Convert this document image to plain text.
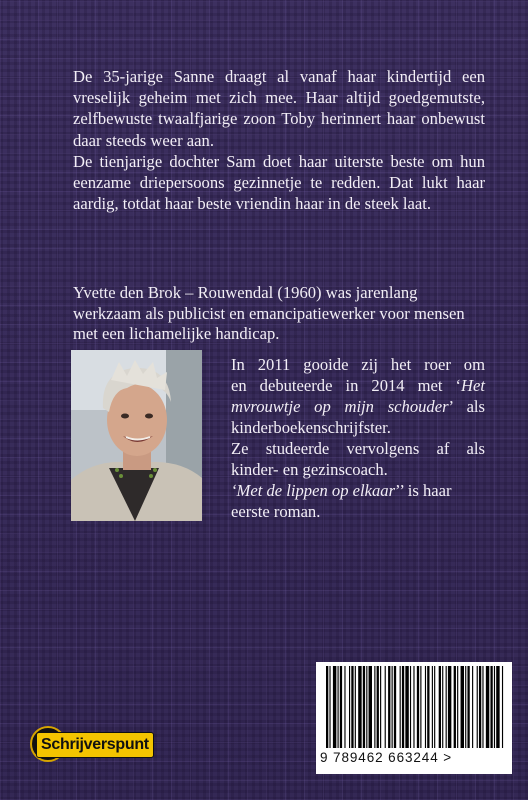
De 35-jarige Sanne draagt al vanaf haar kindertijd een vreselijk geheim met zich mee. Haar altijd goedgemutste, zelfbewuste twaalfjarige zoon Toby herinnert haar onbewust daar steeds weer aan.

De tienjarige dochter Sam doet haar uiterste beste om hun eenzame driepersoons gezinnetje te redden. Dat lukt haar aardig, totdat haar beste vriendin haar in de steek laat.

Yvette den Brok – Rouwendal (1960) was jarenlang werkzaam als publicist en emancipatiewerker voor mensen met een lichamelijke handicap.

In 2011 gooide zij het roer om

en debuteerde in 2014 met ‘Het

mvrouwtje op mijn schouder’ als

kinderboekenschrijfster.

Ze studeerde vervolgens af als

kinder- en gezinscoach.

‘Met de lippen op elkaar’’ is haar

eerste roman.

Schrijverspunt
9 789462 663244 >
